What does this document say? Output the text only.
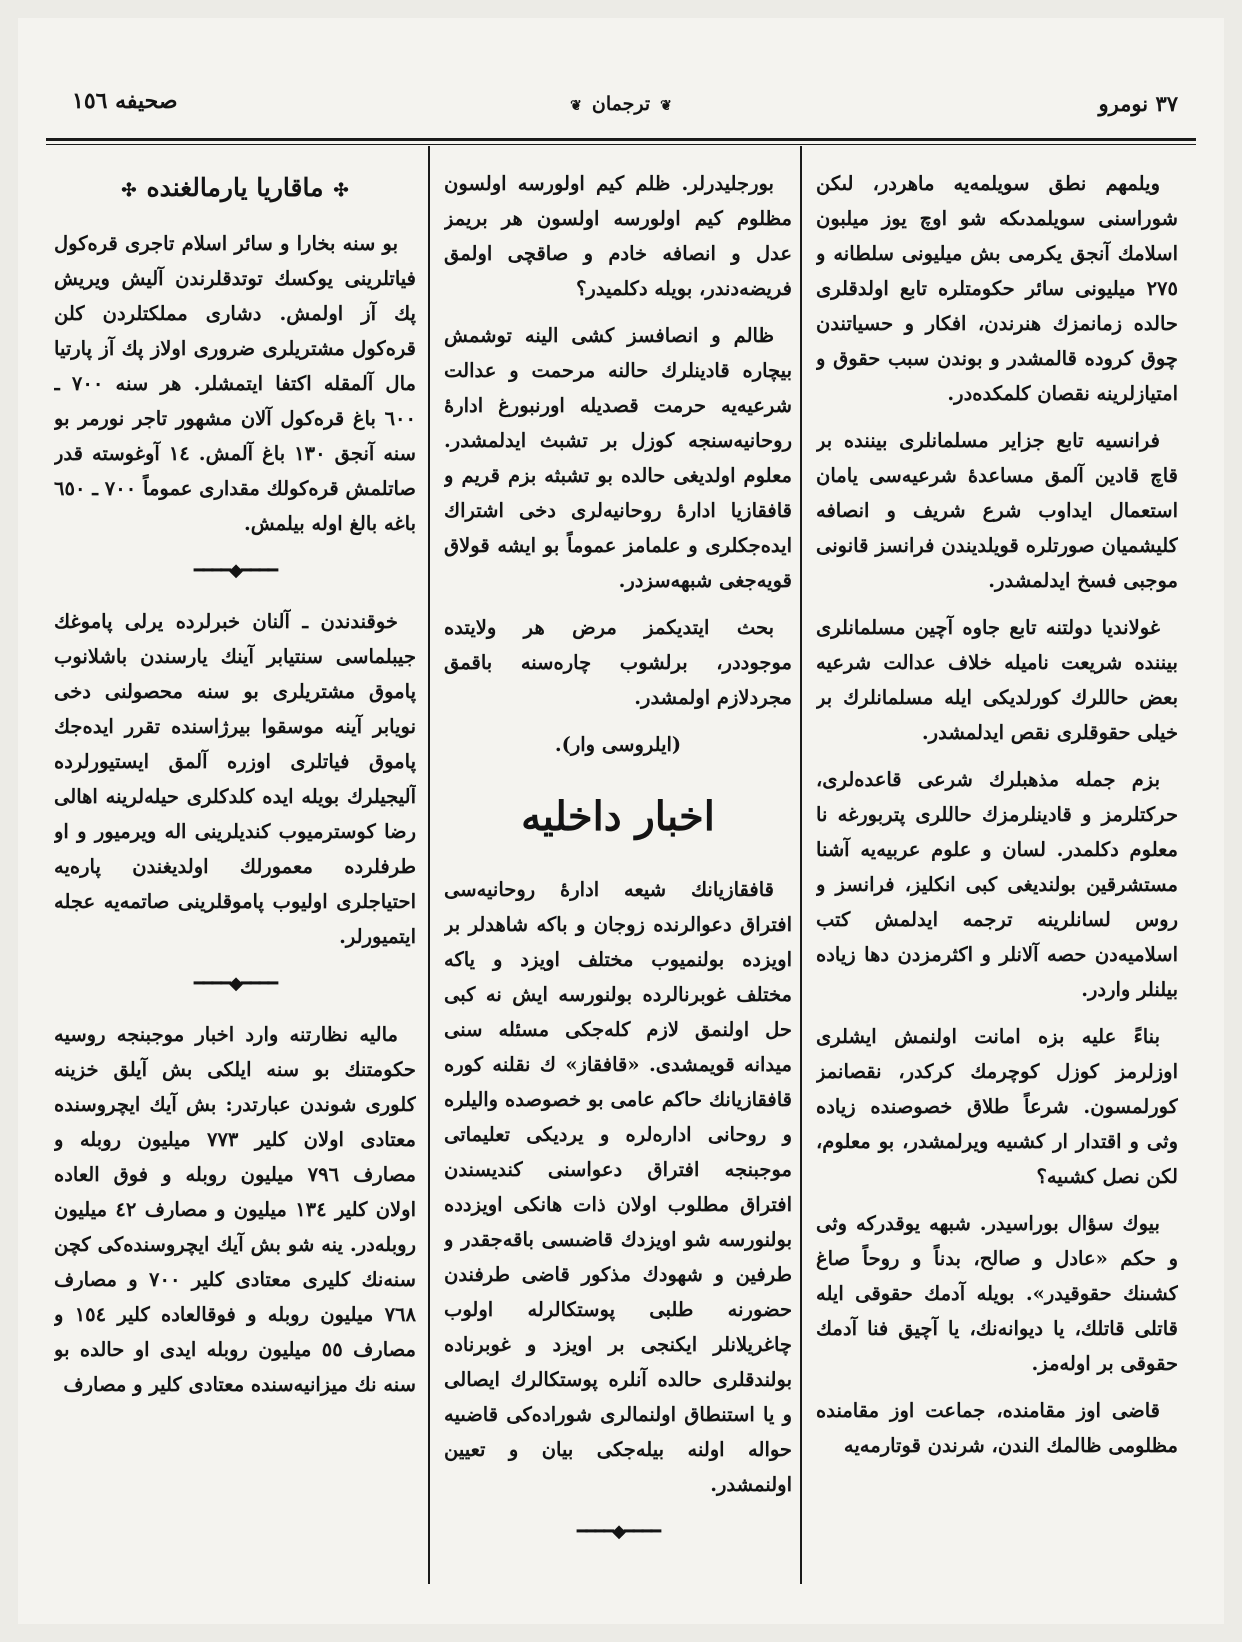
٣٧ نومرو
❦ترجمان❦
صحيفه ١٥٦

ويلمهم نطق سويلمەيە ماهردر، لىكن شوراسنى سويلمدىكە شو اوچ يوز ميلبون اسلامك آنجق يكرمى بش ميليونى سلطانه و ٢٧٥ ميليونى سائر حكومتلره تابع اولدقلرى حالده زمانمزك هنرندن، افكار و حسياتندن چوق كروده قالمشدر و بوندن سبب حقوق و امتيازلرينه نقصان كلمكدەدر.

فرانسيه تابع جزاير مسلمانلرى بيننده بر قاچ قادين آلمق مساعدۀ شرعيەسى يامان استعمال ايداوب شرع شريف و انصافه كليشميان صورتلره قويلديندن فرانسز قانونى موجبى فسخ ايدلمشدر.

غولانديا دولتنه تابع جاوه آچين مسلمانلرى بيننده شريعت ناميله خلاف عدالت شرعيه بعض حاللرك كورلديكى ايله مسلمانلرك بر خيلى حقوقلرى نقص ايدلمشدر.

بزم جمله مذهبلرك شرعى قاعدەلرى، حركتلرمز و قادينلرمزك حاللرى پتربورغە نا معلوم دكلمدر. لسان و علوم عربيەيە آشنا مستشرقين بولنديغى كبى انكليز، فرانسز و روس لسانلرينه ترجمه ايدلمش كتب اسلاميەدن حصه آلانلر و اكثرمزدن دها زياده بيلنلر واردر.

بناءً عليه بزه امانت اولنمش ايشلرى اوزلرمز كوزل كوچرمك كركدر، نقصانمز كورلمسون. شرعاً طلاق خصوصنده زياده وثى و اقتدار ار كشىيه ويرلمشدر، بو معلوم، لكن نصل كشىيه؟

بيوك سؤال بوراسيدر. شبهه يوقدركه وثى و حكم «عادل و صالح، بدناً و روحاً صاغ كشىنك حقوقيدر». بويله آدمك حقوقى ايله قاتلى قاتلك، يا ديوانەنك، يا آچيق فنا آدمك حقوقى بر اولەمز.

قاضى اوز مقامنده، جماعت اوز مقامنده مظلومى ظالمك الندن، شرندن قوتارمەيە

بورجليدرلر. ظلم كيم اولورسه اولسون مظلوم كيم اولورسه اولسون هر بريمز عدل و انصافه خادم و صاقچى اولمق فريضەدندر، بويله دكلميدر؟

ظالم و انصافسز كشى الينه توشمش بيچاره قادينلرك حالنه مرحمت و عدالت شرعيەيه حرمت قصديله اورنبورغ ادارۀ روحانيەسنجه كوزل بر تشبث ايدلمشدر. معلوم اولديغى حالده بو تشبثه بزم قريم و قافقازيا ادارۀ روحانيەلرى دخى اشتراك ايدەجكلرى و علمامز عموماً بو ايشه قولاق قويەجغى شبهەسزدر.

بحث ايتديكمز مرض هر ولايتده موجوددر، برلشوب چارەسنه باقمق مجردلازم اولمشدر.

(ايلروسى وار).

اخبار داخليه

قافقازيانك شيعه ادارۀ روحانيەسى افتراق دعوالرنده زوجان و باكه شاهدلر بر اويزده بولنميوب مختلف اويزد و ياكه مختلف غوبرنالرده بولنورسه ايش نه كبى حل اولنمق لازم كلەجكى مسئله سنى ميدانه قويمشدى. «قافقاز» ك نقلنه كوره قافقازيانك حاكم عامى بو خصوصده واليلره و روحانى ادارەلره و يرديكى تعليماتى موجبنجه افتراق دعواسنى كنديسندن افتراق مطلوب اولان ذات هانكى اويزدده بولنورسه شو اويزدك قاضىسى باقەجقدر و طرفين و شهودك مذكور قاضى طرفندن حضورنه طلبى پوستكالرله اولوب چاغريلانلر ايكنجى بر اويزد و غوبرناده بولندقلرى حالده آنلره پوستكالرك ايصالى و يا استنطاق اولنمالرى شورادەكى قاضىيه حواله اولنه بيلەجكى بيان و تعيين اولنمشدر.

━━━━◆━━━━
✣ماقاريا يارمالغنده✣

بو سنه بخارا و سائر اسلام تاجرى قرەكول فياتلرينى يوكسك توتدقلرندن آليش ويريش پك آز اولمش. دشارى مملكتلردن كلن قرەكول مشتريلرى ضرورى اولاز پك آز پارتيا مال آلمقله اكتفا ايتمشلر. هر سنه ٧٠٠ ـ ٦٠٠ باغ قرەكول آلان مشهور تاجر نورمر بو سنه آنجق ١٣٠ باغ آلمش. ١٤ آوغوستە قدر صاتلمش قرەكولك مقدارى عموماً ٧٠٠ ـ ٦٥٠ باغه بالغ اوله بيلمش.

━━━━◆━━━━

خوقندندن ـ آلنان خبرلرده يرلى پاموغك جيبلماسى سنتيابر آينك يارسندن باشلانوب پاموق مشتريلرى بو سنه محصولنى دخى نويابر آينه موسقوا بيرژاسنده تقرر ايدەجك پاموق فياتلرى اوزره آلمق ايستيورلرده آليجيلرك بويله ايده كلدكلرى حيلەلرينه اهالى رضا كوسترميوب كنديلرينى اله ويرميور و او طرفلرده معمورلك اولديغندن پارەيه احتياجلرى اوليوب پاموقلرينى صاتمەيه عجله ايتميورلر.

━━━━◆━━━━

ماليه نظارتنه وارد اخبار موجبنجه روسيه حكومتنك بو سنه ايلكى بش آيلق خزينه كلورى شوندن عبارتدر: بش آيك ايچروسنده معتادى اولان كلير ٧٧٣ ميليون روبله و مصارف ٧٩٦ ميليون روبله و فوق العاده اولان كلير ١٣٤ ميليون و مصارف ٤٢ ميليون روبلەدر. ينه شو بش آيك ايچروسندەكى كچن سنەنك كليرى معتادى كلير ٧٠٠ و مصارف ٧٦٨ ميليون روبله و فوقالعاده كلير ١٥٤ و مصارف ٥٥ ميليون روبله ايدى او حالده بو سنه نك ميزانيەسنده معتادى كلير و مصارف
